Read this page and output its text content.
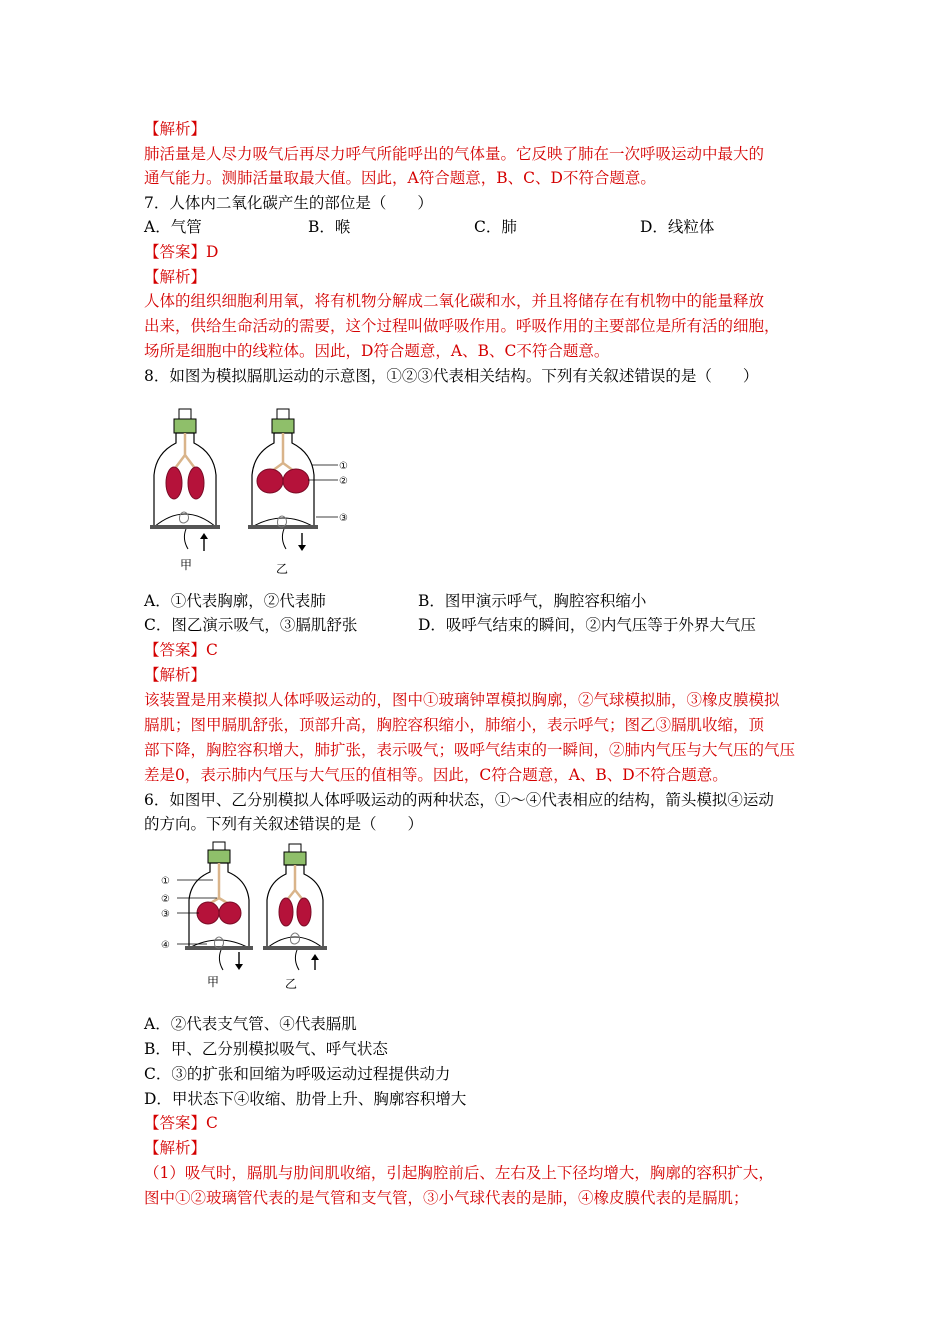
【解析】
肺活量是人尽力吸气后再尽力呼气所能呼出的气体量。它反映了肺在一次呼吸运动中最大的
通气能力。测肺活量取最大值。因此，A符合题意，B、C、D不符合题意。
7．人体内二氧化碳产生的部位是（　　）
A．气管	B．喉	C．肺	D．线粒体
【答案】D
【解析】
人体的组织细胞利用氧，将有机物分解成二氧化碳和水，并且将储存在有机物中的能量释放
出来，供给生命活动的需要，这个过程叫做呼吸作用。呼吸作用的主要部位是所有活的细胞，
场所是细胞中的线粒体。因此，D符合题意，A、B、C不符合题意。
8．如图为模拟膈肌运动的示意图，①②③代表相关结构。下列有关叙述错误的是（　　）
①
②
③
甲	乙
A．①代表胸廓，②代表肺	B．图甲演示呼气，胸腔容积缩小
C．图乙演示吸气，③膈肌舒张	D．吸呼气结束的瞬间，②内气压等于外界大气压
【答案】C
【解析】
该装置是用来模拟人体呼吸运动的，图中①玻璃钟罩模拟胸廓，②气球模拟肺，③橡皮膜模拟
膈肌；图甲膈肌舒张，顶部升高，胸腔容积缩小，肺缩小，表示呼气；图乙③膈肌收缩，顶
部下降，胸腔容积增大，肺扩张，表示吸气；吸呼气结束的一瞬间，②肺内气压与大气压的气压
差是0，表示肺内气压与大气压的值相等。因此，C符合题意，A、B、D不符合题意。
6．如图甲、乙分别模拟人体呼吸运动的两种状态，①～④代表相应的结构，箭头模拟④运动
的方向。下列有关叙述错误的是（　　）
①
②
③
④
甲	乙
A．②代表支气管、④代表膈肌
B．甲、乙分别模拟吸气、呼气状态
C．③的扩张和回缩为呼吸运动过程提供动力
D．甲状态下④收缩、肋骨上升、胸廓容积增大
【答案】C
【解析】
（1）吸气时，膈肌与肋间肌收缩，引起胸腔前后、左右及上下径均增大，胸廓的容积扩大，
图中①②玻璃管代表的是气管和支气管，③小气球代表的是肺，④橡皮膜代表的是膈肌；
